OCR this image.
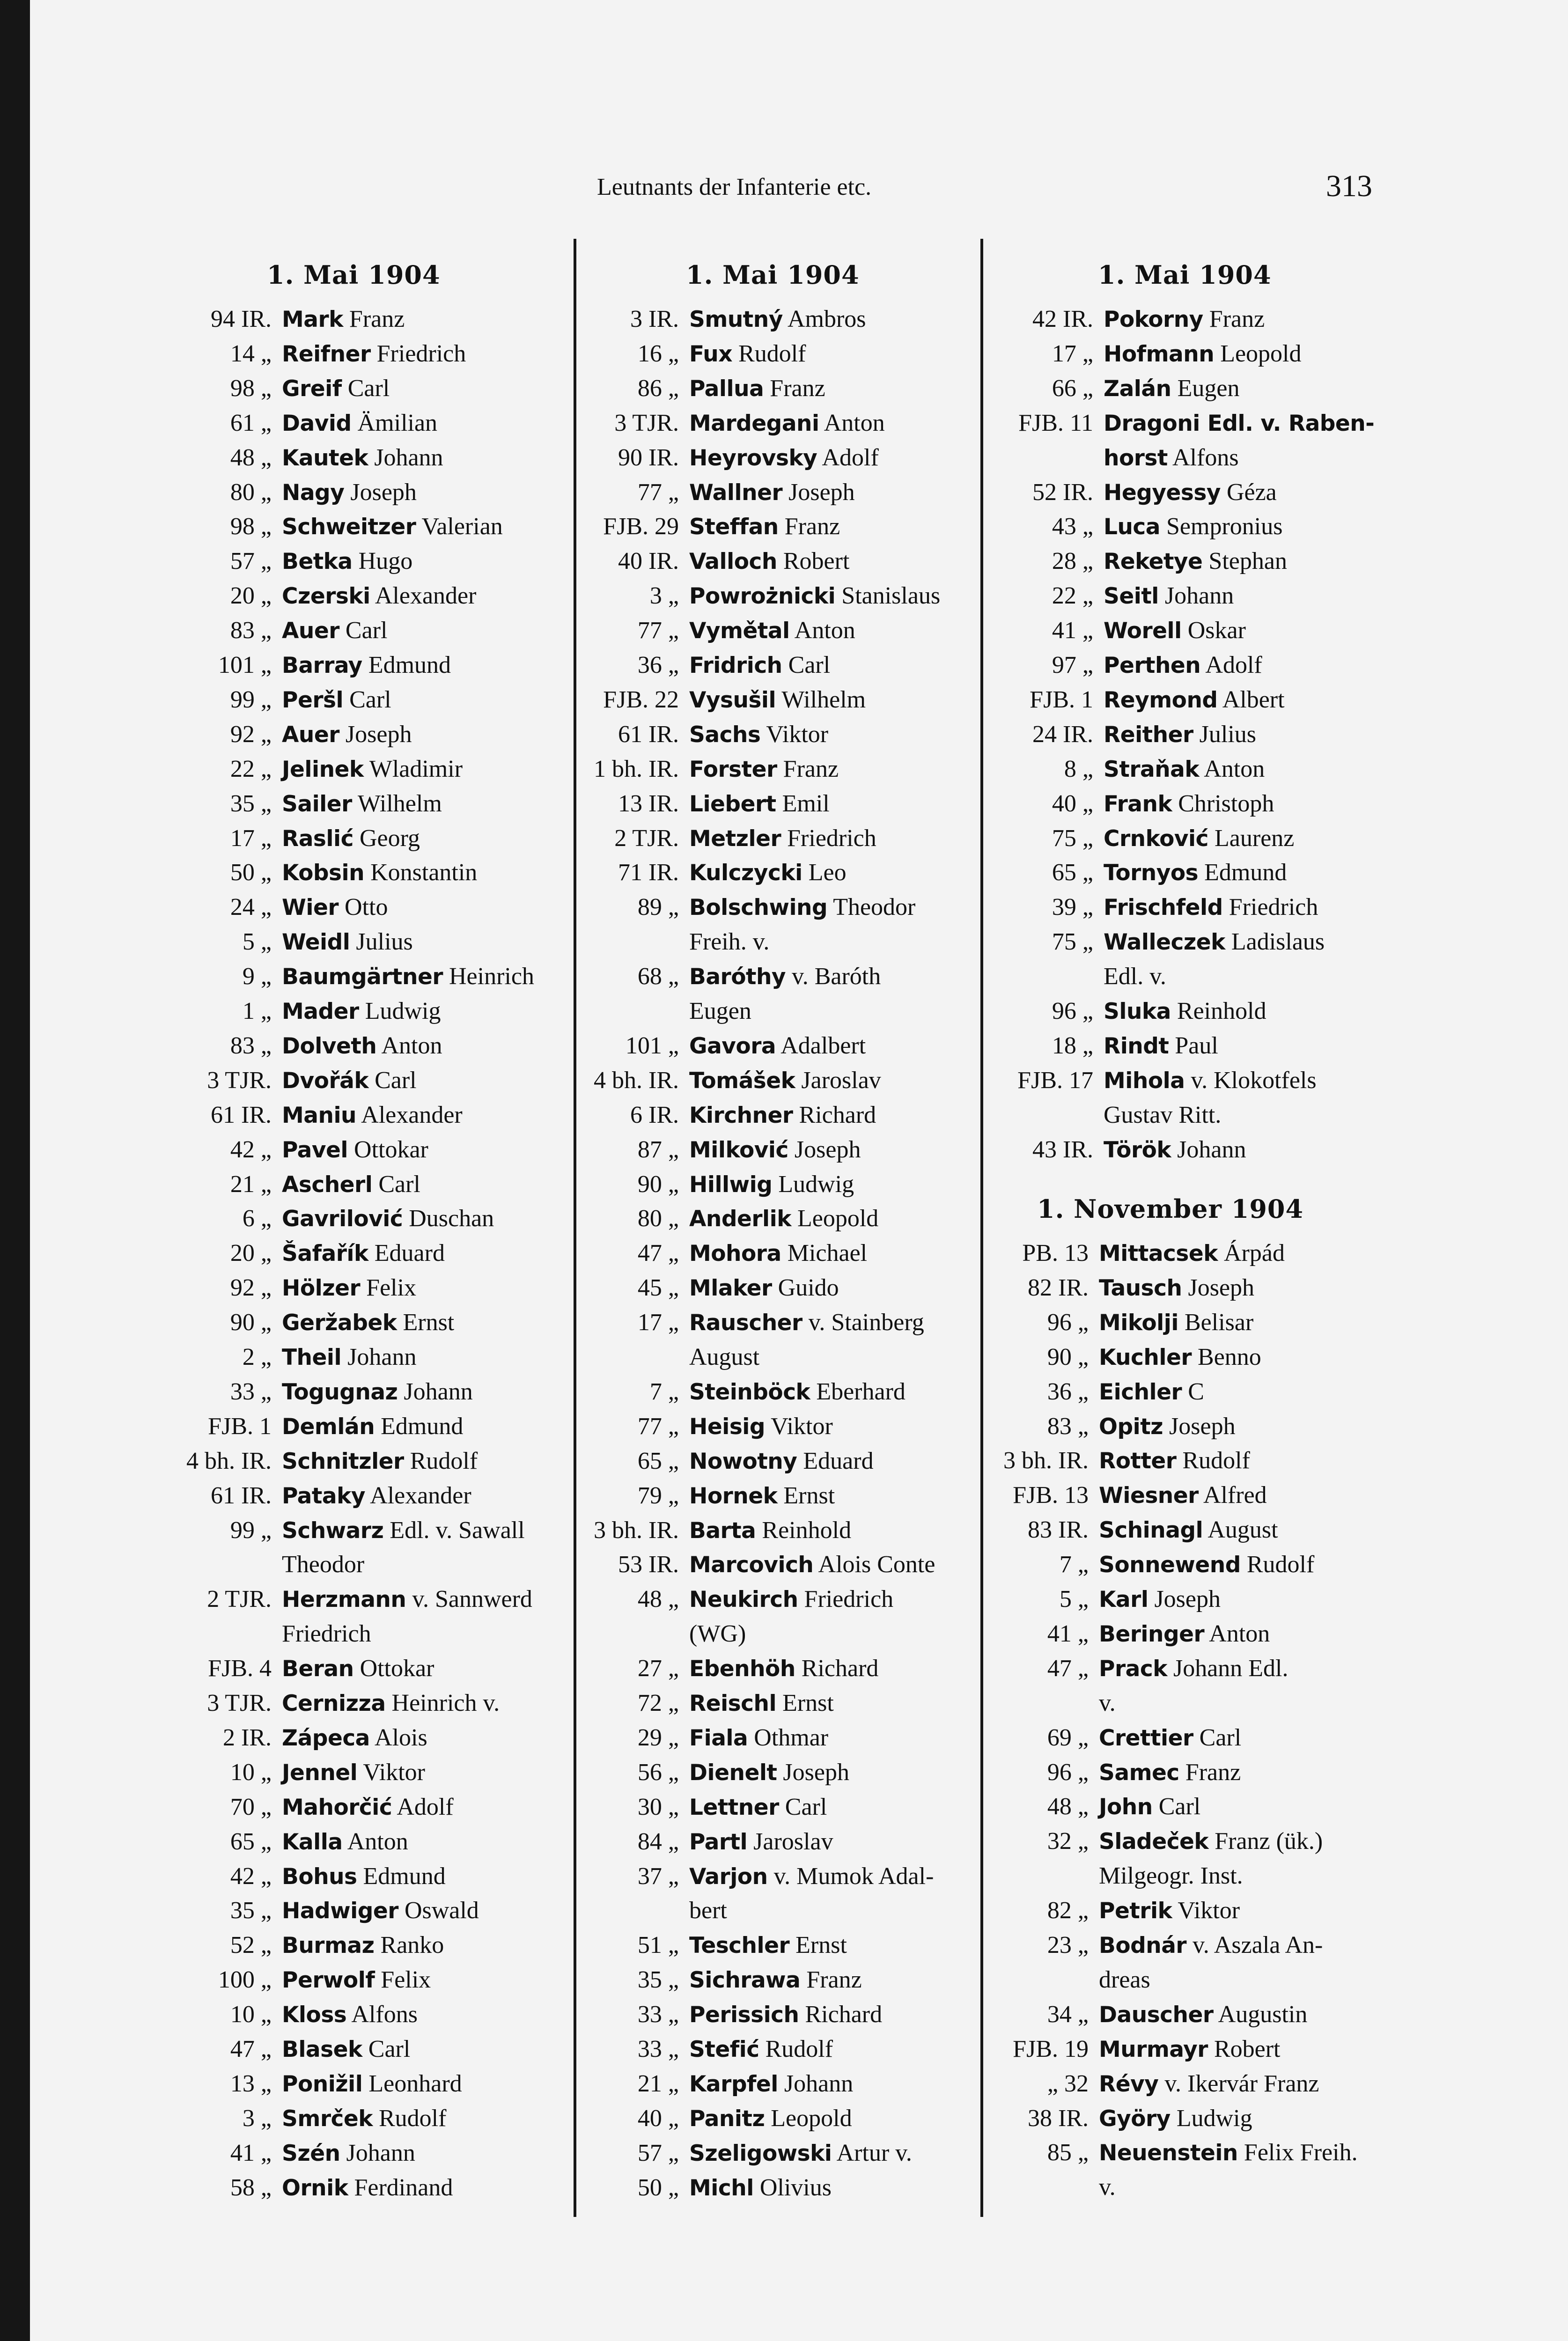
Leutnants der Infanterie etc.	313
1. Mai 1904	1. Mai 1904	1. Mai 1904
1. November 1904
94 IR. Mark Franz
14 „ Reifner Friedrich
98 „ Greif Carl
61 „ David Ämilian
48 „ Kautek Johann
80 „ Nagy Joseph
98 „ Schweitzer Valerian
57 „ Betka Hugo
20 „ Czerski Alexander
83 „ Auer Carl
101 „ Barray Edmund
99 „ Peršl Carl
92 „ Auer Joseph
22 „ Jelinek Wladimir
35 „ Sailer Wilhelm
17 „ Raslić Georg
50 „ Kobsin Konstantin
24 „ Wier Otto
5 „ Weidl Julius
9 „ Baumgärtner Heinrich
1 „ Mader Ludwig
83 „ Dolveth Anton
3 TJR. Dvořák Carl
61 IR. Maniu Alexander
42 „ Pavel Ottokar
21 „ Ascherl Carl
6 „ Gavrilović Duschan
20 „ Šafařík Eduard
92 „ Hölzer Felix
90 „ Geržabek Ernst
2 „ Theil Johann
33 „ Togugnaz Johann
FJB. 1 Demlán Edmund
4 bh. IR. Schnitzler Rudolf
61 IR. Pataky Alexander
99 „ Schwarz Edl. v. Sawall
Theodor
2 TJR. Herzmann v. Sannwerd
Friedrich
FJB. 4 Beran Ottokar
3 TJR. Cernizza Heinrich v.
2 IR. Zápeca Alois
10 „ Jennel Viktor
70 „ Mahorčić Adolf
65 „ Kalla Anton
42 „ Bohus Edmund
35 „ Hadwiger Oswald
52 „ Burmaz Ranko
100 „ Perwolf Felix
10 „ Kloss Alfons
47 „ Blasek Carl
13 „ Ponižil Leonhard
3 „ Smrček Rudolf
41 „ Szén Johann
58 „ Ornik Ferdinand
3 IR. Smutný Ambros
16 „ Fux Rudolf
86 „ Pallua Franz
3 TJR. Mardegani Anton
90 IR. Heyrovsky Adolf
77 „ Wallner Joseph
FJB. 29 Steffan Franz
40 IR. Valloch Robert
3 „ Powrożnicki Stanislaus
77 „ Vymětal Anton
36 „ Fridrich Carl
FJB. 22 Vysušil Wilhelm
61 IR. Sachs Viktor
1 bh. IR. Forster Franz
13 IR. Liebert Emil
2 TJR. Metzler Friedrich
71 IR. Kulczycki Leo
89 „ Bolschwing Theodor
Freih. v.
68 „ Baróthy v. Baróth
Eugen
101 „ Gavora Adalbert
4 bh. IR. Tomášek Jaroslav
6 IR. Kirchner Richard
87 „ Milković Joseph
90 „ Hillwig Ludwig
80 „ Anderlik Leopold
47 „ Mohora Michael
45 „ Mlaker Guido
17 „ Rauscher v. Stainberg
August
7 „ Steinböck Eberhard
77 „ Heisig Viktor
65 „ Nowotny Eduard
79 „ Hornek Ernst
3 bh. IR. Barta Reinhold
53 IR. Marcovich Alois Conte
48 „ Neukirch Friedrich
(WG)
27 „ Ebenhöh Richard
72 „ Reischl Ernst
29 „ Fiala Othmar
56 „ Dienelt Joseph
30 „ Lettner Carl
84 „ Partl Jaroslav
37 „ Varjon v. Mumok Adal-
bert
51 „ Teschler Ernst
35 „ Sichrawa Franz
33 „ Perissich Richard
33 „ Stefić Rudolf
21 „ Karpfel Johann
40 „ Panitz Leopold
57 „ Szeligowski Artur v.
50 „ Michl Olivius
42 IR. Pokorny Franz
17 „ Hofmann Leopold
66 „ Zalán Eugen
FJB. 11 Dragoni Edl. v. Raben-
horst Alfons
52 IR. Hegyessy Géza
43 „ Luca Sempronius
28 „ Reketye Stephan
22 „ Seitl Johann
41 „ Worell Oskar
97 „ Perthen Adolf
FJB. 1 Reymond Albert
24 IR. Reither Julius
8 „ Straňak Anton
40 „ Frank Christoph
75 „ Crnković Laurenz
65 „ Tornyos Edmund
39 „ Frischfeld Friedrich
75 „ Walleczek Ladislaus
Edl. v.
96 „ Sluka Reinhold
18 „ Rindt Paul
FJB. 17 Mihola v. Klokotfels
Gustav Ritt.
43 IR. Török Johann
PB. 13 Mittacsek Árpád
82 IR. Tausch Joseph
96 „ Mikolji Belisar
90 „ Kuchler Benno
36 „ Eichler C
83 „ Opitz Joseph
3 bh. IR. Rotter Rudolf
FJB. 13 Wiesner Alfred
83 IR. Schinagl August
7 „ Sonnewend Rudolf
5 „ Karl Joseph
41 „ Beringer Anton
47 „ Prack Johann Edl.
v.
69 „ Crettier Carl
96 „ Samec Franz
48 „ John Carl
32 „ Sladeček Franz (ük.)
Milgeogr. Inst.
82 „ Petrik Viktor
23 „ Bodnár v. Aszala An-
dreas
34 „ Dauscher Augustin
FJB. 19 Murmayr Robert
„ 32 Révy v. Ikervár Franz
38 IR. Györy Ludwig
85 „ Neuenstein Felix Freih.
v.
